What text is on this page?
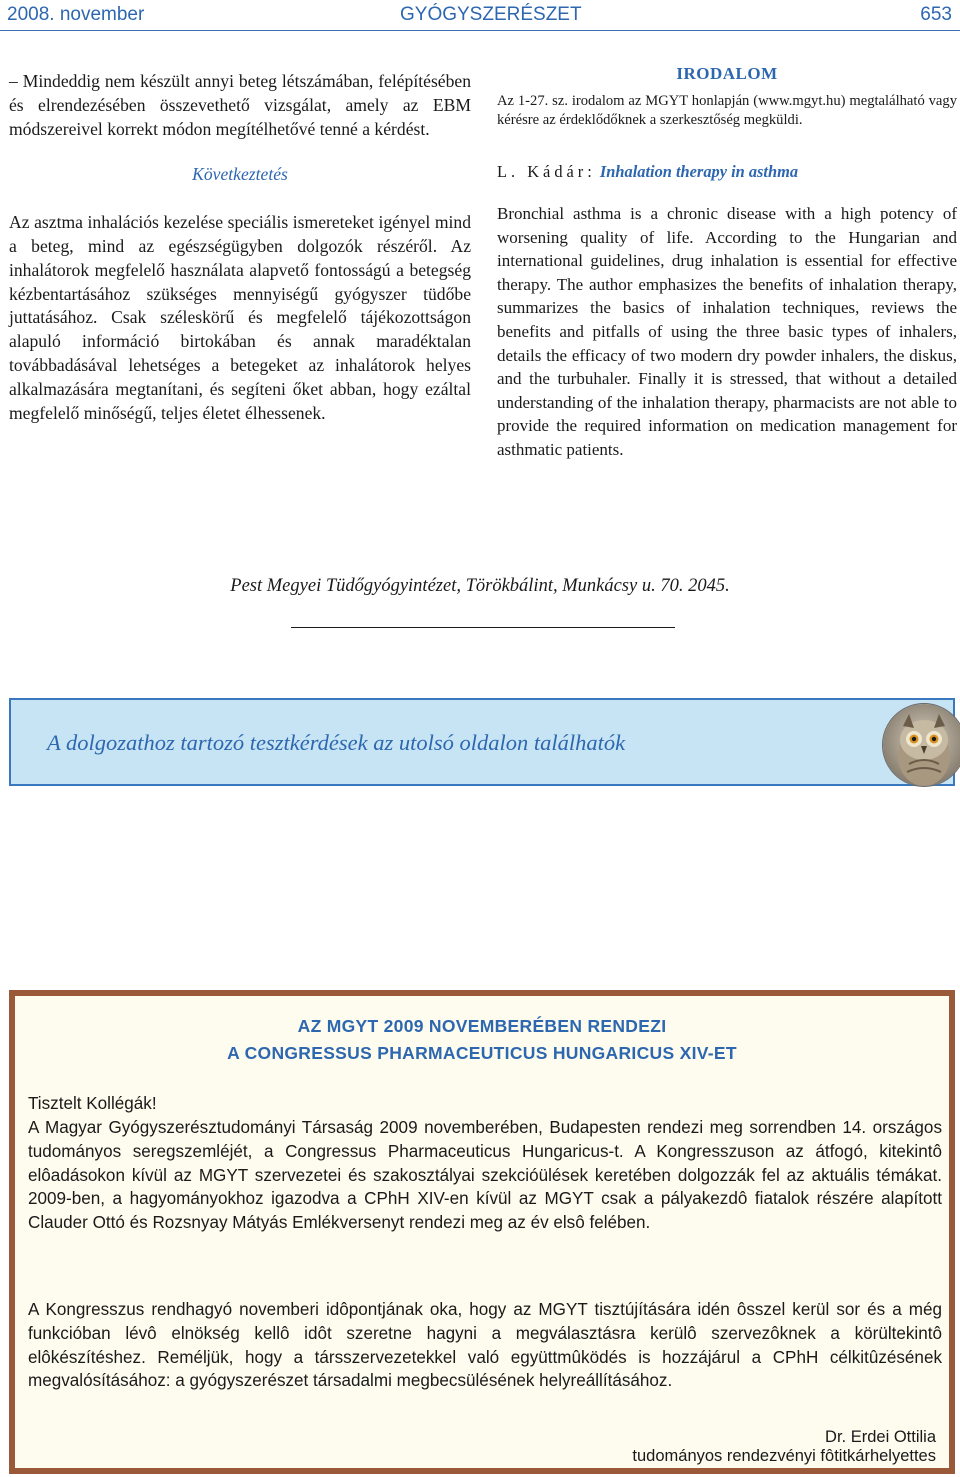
2008. november	GYÓGYSZERÉSZET	653

– Mindeddig nem készült annyi beteg létszámában, felépítésében és elrendezésében összevethető vizsgálat, amely az EBM módszereivel korrekt módon megítélhetővé tenné a kérdést.

Következtetés

Az asztma inhalációs kezelése speciális ismereteket igényel mind a beteg, mind az egészségügyben dolgozók részéről. Az inhalátorok megfelelő használata alapvető fontosságú a betegség kézbentartásához szükséges mennyiségű gyógyszer tüdőbe juttatásához. Csak széleskörű és megfelelő tájékozottságon alapuló információ birtokában és annak maradéktalan továbbadásával lehetséges a betegeket az inhalátorok helyes alkalmazására megtanítani, és segíteni őket abban, hogy ezáltal megfelelő minőségű, teljes életet élhessenek.

IRODALOM

Az 1-27. sz. irodalom az MGYT honlapján (www.mgyt.hu) megtalálható vagy kérésre az érdeklődőknek a szerkesztőség megküldi.

L. Kádár: Inhalation therapy in asthma

Bronchial asthma is a chronic disease with a high potency of worsening quality of life. According to the Hungarian and international guidelines, drug inhalation is essential for effective therapy. The author emphasizes the benefits of inhalation therapy, summarizes the basics of inhalation techniques, reviews the benefits and pitfalls of using the three basic types of inhalers, details the efficacy of two modern dry powder inhalers, the diskus, and the turbuhaler. Finally it is stressed, that without a detailed understanding of the inhalation therapy, pharmacists are not able to provide the required information on medication management for asthmatic patients.

Pest Megyei Tüdőgyógyintézet, Törökbálint, Munkácsy u. 70. 2045.
A dolgozathoz tartozó tesztkérdések az utolsó oldalon találhatók
AZ MGYT 2009 NOVEMBERÉBEN RENDEZI
A CONGRESSUS PHARMACEUTICUS HUNGARICUS XIV-ET
Tisztelt Kollégák!

A Magyar Gyógyszerésztudományi Társaság 2009 novemberében, Budapesten rendezi meg sorrendben 14. országos tudományos seregszemléjét, a Congressus Pharmaceuticus Hungaricus-t. A Kongresszuson az átfogó, kitekintô elôadásokon kívül az MGYT szervezetei és szakosztályai szekcióülések keretében dolgozzák fel az aktuális témákat. 2009-ben, a hagyományokhoz igazodva a CPhH XIV-en kívül az MGYT csak a pályakezdô fiatalok részére alapított Clauder Ottó és Rozsnyay Mátyás Emlékversenyt rendezi meg az év elsô felében.

A Kongresszus rendhagyó novemberi idôpontjának oka, hogy az MGYT tisztújítására idén ôsszel kerül sor és a még funkcióban lévô elnökség kellô idôt szeretne hagyni a megválasztásra kerülô szervezôknek a körültekintô elôkészítéshez. Reméljük, hogy a társszervezetekkel való együttmûködés is hozzájárul a CPhH célkitûzésének megvalósításához: a gyógyszerészet társadalmi megbecsülésének helyreállításához.

Dr. Erdei Ottilia
tudományos rendezvényi fôtitkárhelyettes
